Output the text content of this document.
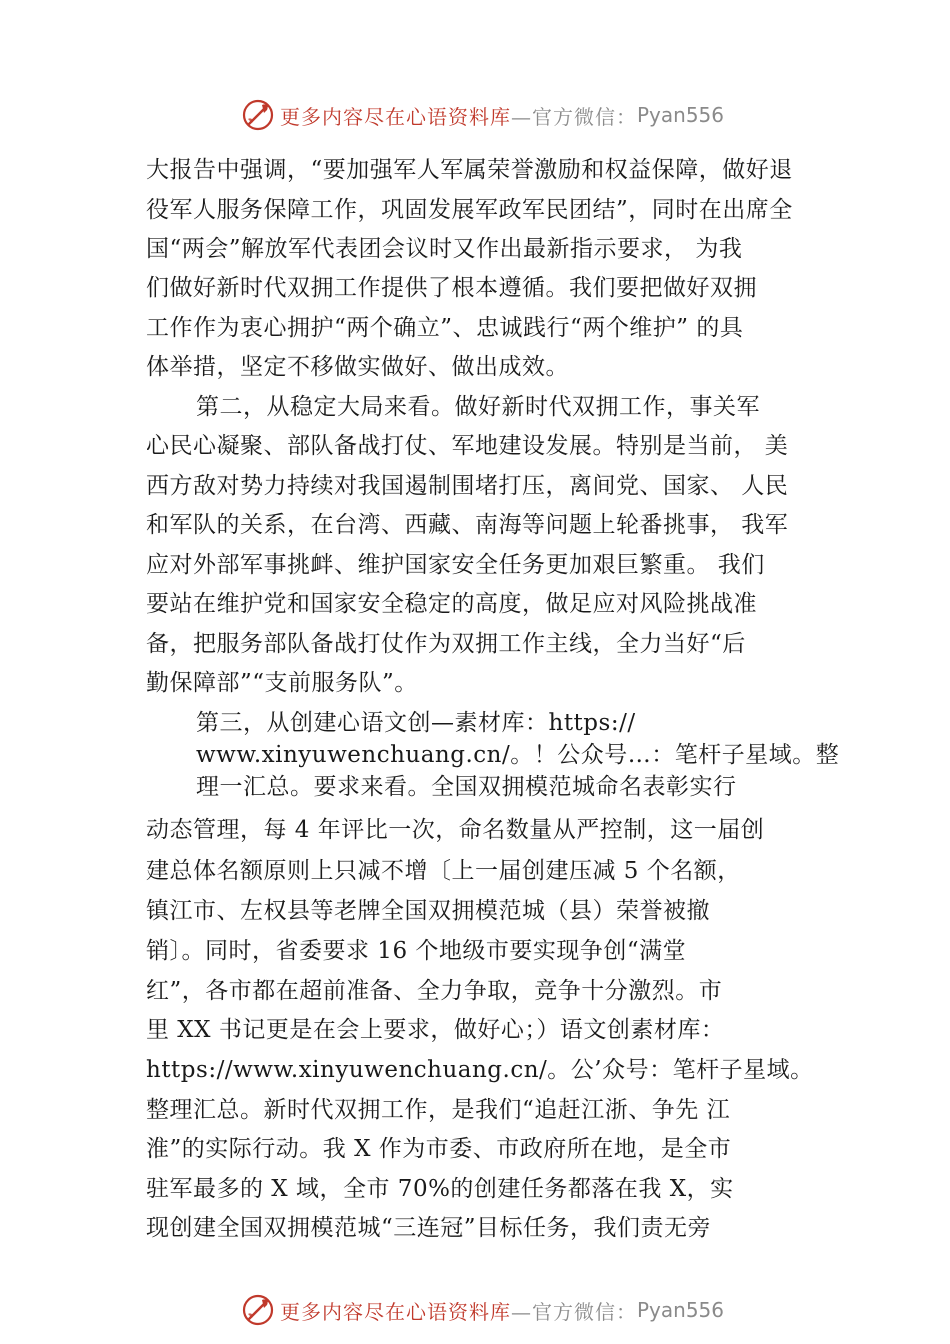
更多内容尽在心语资料库 —官方微信： Pyan556
大报告中强调，“要加强军人军属荣誉激励和权益保障，做好退
役军人服务保障工作，巩固发展军政军民团结”，同时在出席全
国“两会”解放军代表团会议时又作出最新指示要求， 为我
们做好新时代双拥工作提供了根本遵循。我们要把做好双拥
工作作为衷心拥护“两个确立”、忠诚践行“两个维护” 的具
体举措，坚定不移做实做好、做出成效。
第二，从稳定大局来看。做好新时代双拥工作，事关军
心民心凝聚、部队备战打仗、军地建设发展。特别是当前， 美
西方敌对势力持续对我国遏制围堵打压，离间党、国家、 人民
和军队的关系，在台湾、西藏、南海等问题上轮番挑事， 我军
应对外部军事挑衅、维护国家安全任务更加艰巨繁重。 我们
要站在维护党和国家安全稳定的高度，做足应对风险挑战准
备，把服务部队备战打仗作为双拥工作主线，全力当好“后
勤保障部”“支前服务队”。
第三，从创建心语文创—素材库：https://
www.xinyuwenchuang.cn/。！公众号…：笔杆子星域。整
理一汇总。要求来看。全国双拥模范城命名表彰实行
动态管理，每 4 年评比一次，命名数量从严控制，这一届创
建总体名额原则上只减不增〔上一届创建压减 5 个名额，
镇江市、左权县等老牌全国双拥模范城（县）荣誉被撤
销〕。同时，省委要求 16 个地级市要实现争创“满堂
红”，各市都在超前准备、全力争取，竞争十分激烈。市
里 XX 书记更是在会上要求，做好心；）语文创素材库：
https://www.xinyuwenchuang.cn/。公’众号：笔杆子星域。
整理汇总。新时代双拥工作，是我们“追赶江浙、争先 江
淮”的实际行动。我 X 作为市委、市政府所在地，是全市
驻军最多的 X 域，全市 70%的创建任务都落在我 X，实
现创建全国双拥模范城“三连冠”目标任务，我们责无旁
更多内容尽在心语资料库 —官方微信： Pyan556
